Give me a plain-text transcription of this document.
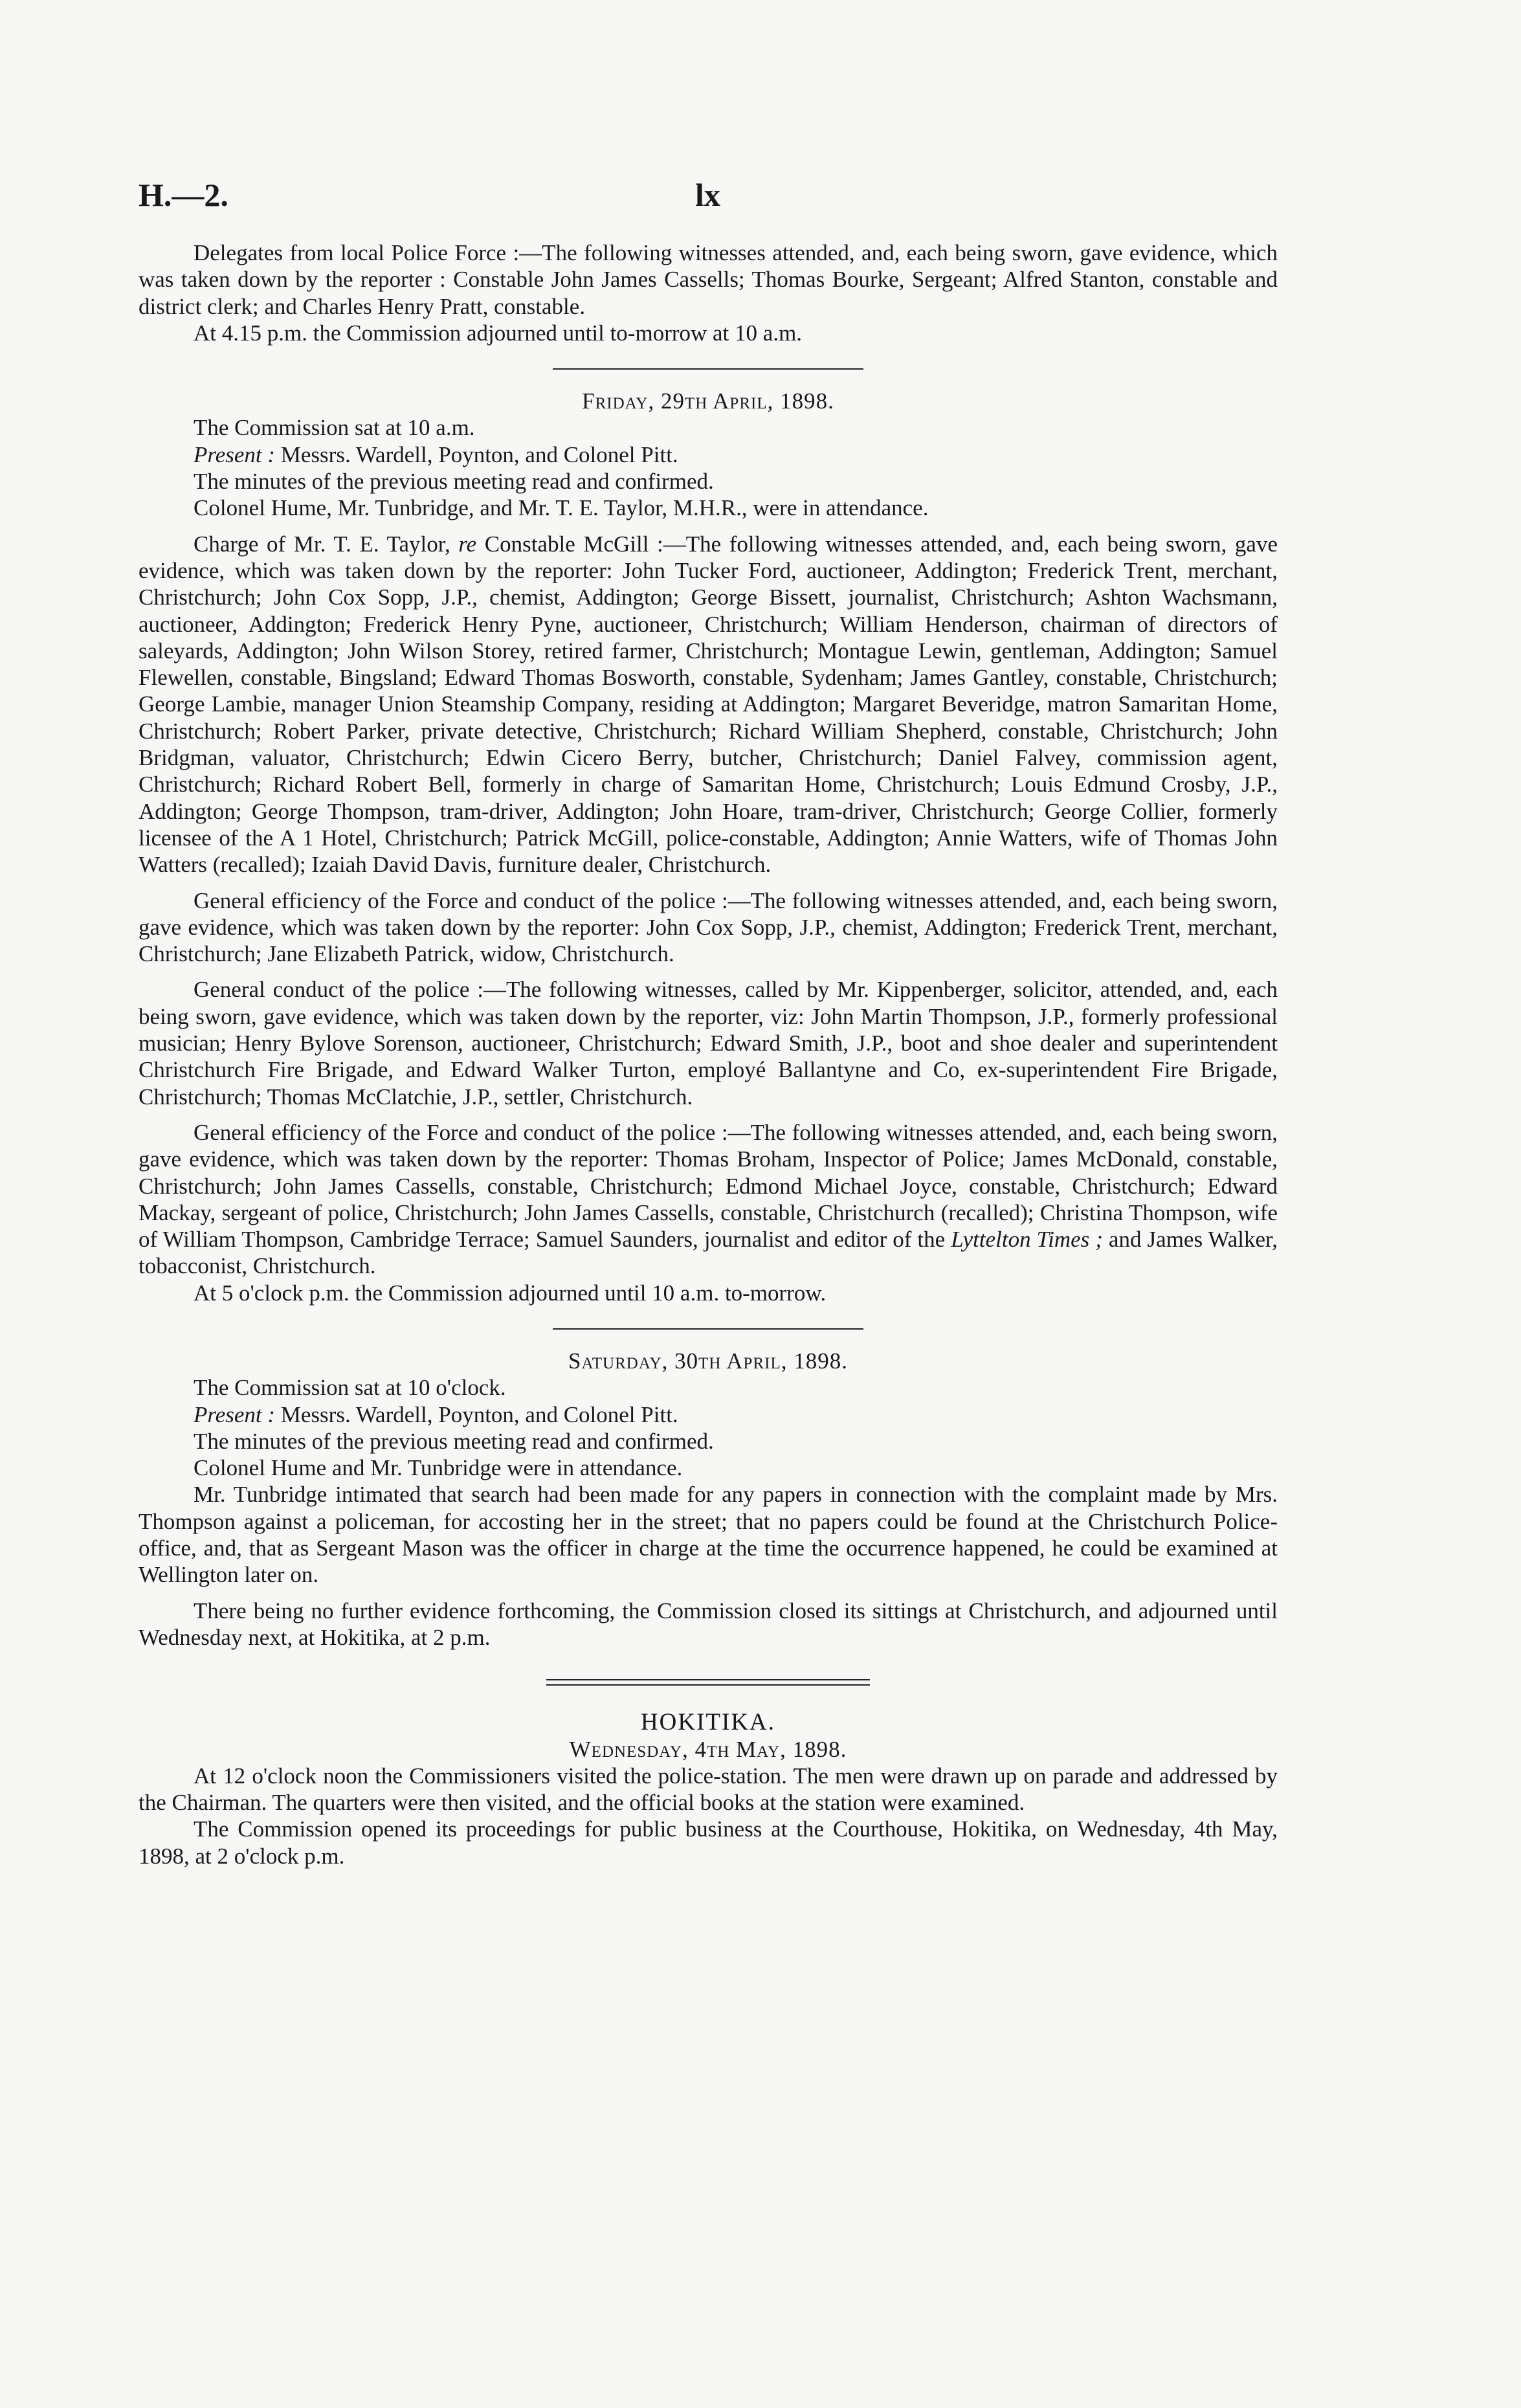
H.—2.	lx

Delegates from local Police Force :—The following witnesses attended, and, each being sworn, gave evidence, which was taken down by the reporter : Constable John James Cassells; Thomas Bourke, Sergeant; Alfred Stanton, constable and district clerk; and Charles Henry Pratt, constable.

At 4.15 p.m. the Commission adjourned until to-morrow at 10 a.m.

Friday, 29th April, 1898.

The Commission sat at 10 a.m.

Present : Messrs. Wardell, Poynton, and Colonel Pitt.

The minutes of the previous meeting read and confirmed.

Colonel Hume, Mr. Tunbridge, and Mr. T. E. Taylor, M.H.R., were in attendance.

Charge of Mr. T. E. Taylor, re Constable McGill :—The following witnesses attended, and, each being sworn, gave evidence, which was taken down by the reporter: John Tucker Ford, auctioneer, Addington; Frederick Trent, merchant, Christchurch; John Cox Sopp, J.P., chemist, Addington; George Bissett, journalist, Christchurch; Ashton Wachsmann, auctioneer, Addington; Frederick Henry Pyne, auctioneer, Christchurch; William Henderson, chairman of directors of saleyards, Addington; John Wilson Storey, retired farmer, Christchurch; Montague Lewin, gentleman, Addington; Samuel Flewellen, constable, Bingsland; Edward Thomas Bosworth, constable, Sydenham; James Gantley, constable, Christchurch; George Lambie, manager Union Steamship Company, residing at Addington; Margaret Beveridge, matron Samaritan Home, Christchurch; Robert Parker, private detective, Christchurch; Richard William Shepherd, constable, Christchurch; John Bridgman, valuator, Christchurch; Edwin Cicero Berry, butcher, Christchurch; Daniel Falvey, commission agent, Christchurch; Richard Robert Bell, formerly in charge of Samaritan Home, Christchurch; Louis Edmund Crosby, J.P., Addington; George Thompson, tram-driver, Addington; John Hoare, tram-driver, Christchurch; George Collier, formerly licensee of the A 1 Hotel, Christchurch; Patrick McGill, police-constable, Addington; Annie Watters, wife of Thomas John Watters (recalled); Izaiah David Davis, furniture dealer, Christchurch.

General efficiency of the Force and conduct of the police :—The following witnesses attended, and, each being sworn, gave evidence, which was taken down by the reporter: John Cox Sopp, J.P., chemist, Addington; Frederick Trent, merchant, Christchurch; Jane Elizabeth Patrick, widow, Christchurch.

General conduct of the police :—The following witnesses, called by Mr. Kippenberger, solicitor, attended, and, each being sworn, gave evidence, which was taken down by the reporter, viz: John Martin Thompson, J.P., formerly professional musician; Henry Bylove Sorenson, auctioneer, Christchurch; Edward Smith, J.P., boot and shoe dealer and superintendent Christchurch Fire Brigade, and Edward Walker Turton, employé Ballantyne and Co, ex-superintendent Fire Brigade, Christchurch; Thomas McClatchie, J.P., settler, Christchurch.

General efficiency of the Force and conduct of the police :—The following witnesses attended, and, each being sworn, gave evidence, which was taken down by the reporter: Thomas Broham, Inspector of Police; James McDonald, constable, Christchurch; John James Cassells, constable, Christchurch; Edmond Michael Joyce, constable, Christchurch; Edward Mackay, sergeant of police, Christchurch; John James Cassells, constable, Christchurch (recalled); Christina Thompson, wife of William Thompson, Cambridge Terrace; Samuel Saunders, journalist and editor of the Lyttelton Times ; and James Walker, tobacconist, Christchurch.

At 5 o'clock p.m. the Commission adjourned until 10 a.m. to-morrow.

Saturday, 30th April, 1898.

The Commission sat at 10 o'clock.

Present : Messrs. Wardell, Poynton, and Colonel Pitt.

The minutes of the previous meeting read and confirmed.

Colonel Hume and Mr. Tunbridge were in attendance.

Mr. Tunbridge intimated that search had been made for any papers in connection with the complaint made by Mrs. Thompson against a policeman, for accosting her in the street; that no papers could be found at the Christchurch Police-office, and, that as Sergeant Mason was the officer in charge at the time the occurrence happened, he could be examined at Wellington later on.

There being no further evidence forthcoming, the Commission closed its sittings at Christchurch, and adjourned until Wednesday next, at Hokitika, at 2 p.m.

HOKITIKA.

Wednesday, 4th May, 1898.

At 12 o'clock noon the Commissioners visited the police-station. The men were drawn up on parade and addressed by the Chairman. The quarters were then visited, and the official books at the station were examined.

The Commission opened its proceedings for public business at the Courthouse, Hokitika, on Wednesday, 4th May, 1898, at 2 o'clock p.m.
